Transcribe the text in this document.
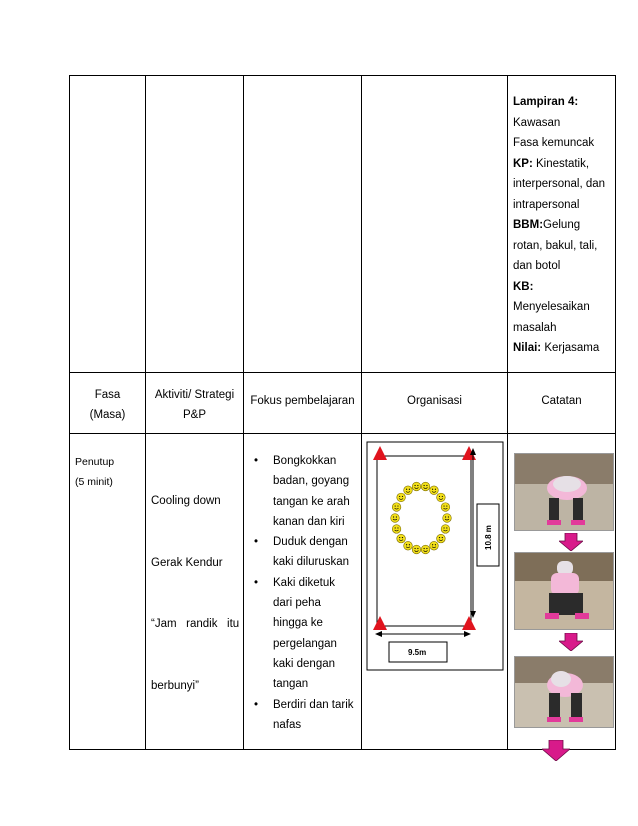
Lampiran 4:
Kawasan
Fasa kemuncak
KP: Kinestatik,
interpersonal, dan
intrapersonal
BBM:Gelung
rotan, bakul, tali,
dan botol
KB:
Menyelesaikan
masalah
Nilai: Kerjasama
Fasa
(Masa)
Aktiviti/ Strategi
P&P
Fokus pembelajaran	Organisasi	Catatan
Penutup
(5 minit)

Cooling down

Gerak Kendur

“Jam   randik   itu

berbunyi”

• Bongkokkan
badan, goyang
tangan ke arah
kanan dan kiri
• Duduk dengan
kaki diluruskan
• Kaki diketuk
dari peha
hingga ke
pergelangan
kaki dengan
tangan
• Berdiri dan tarik
nafas
10.8 m
9.5m
